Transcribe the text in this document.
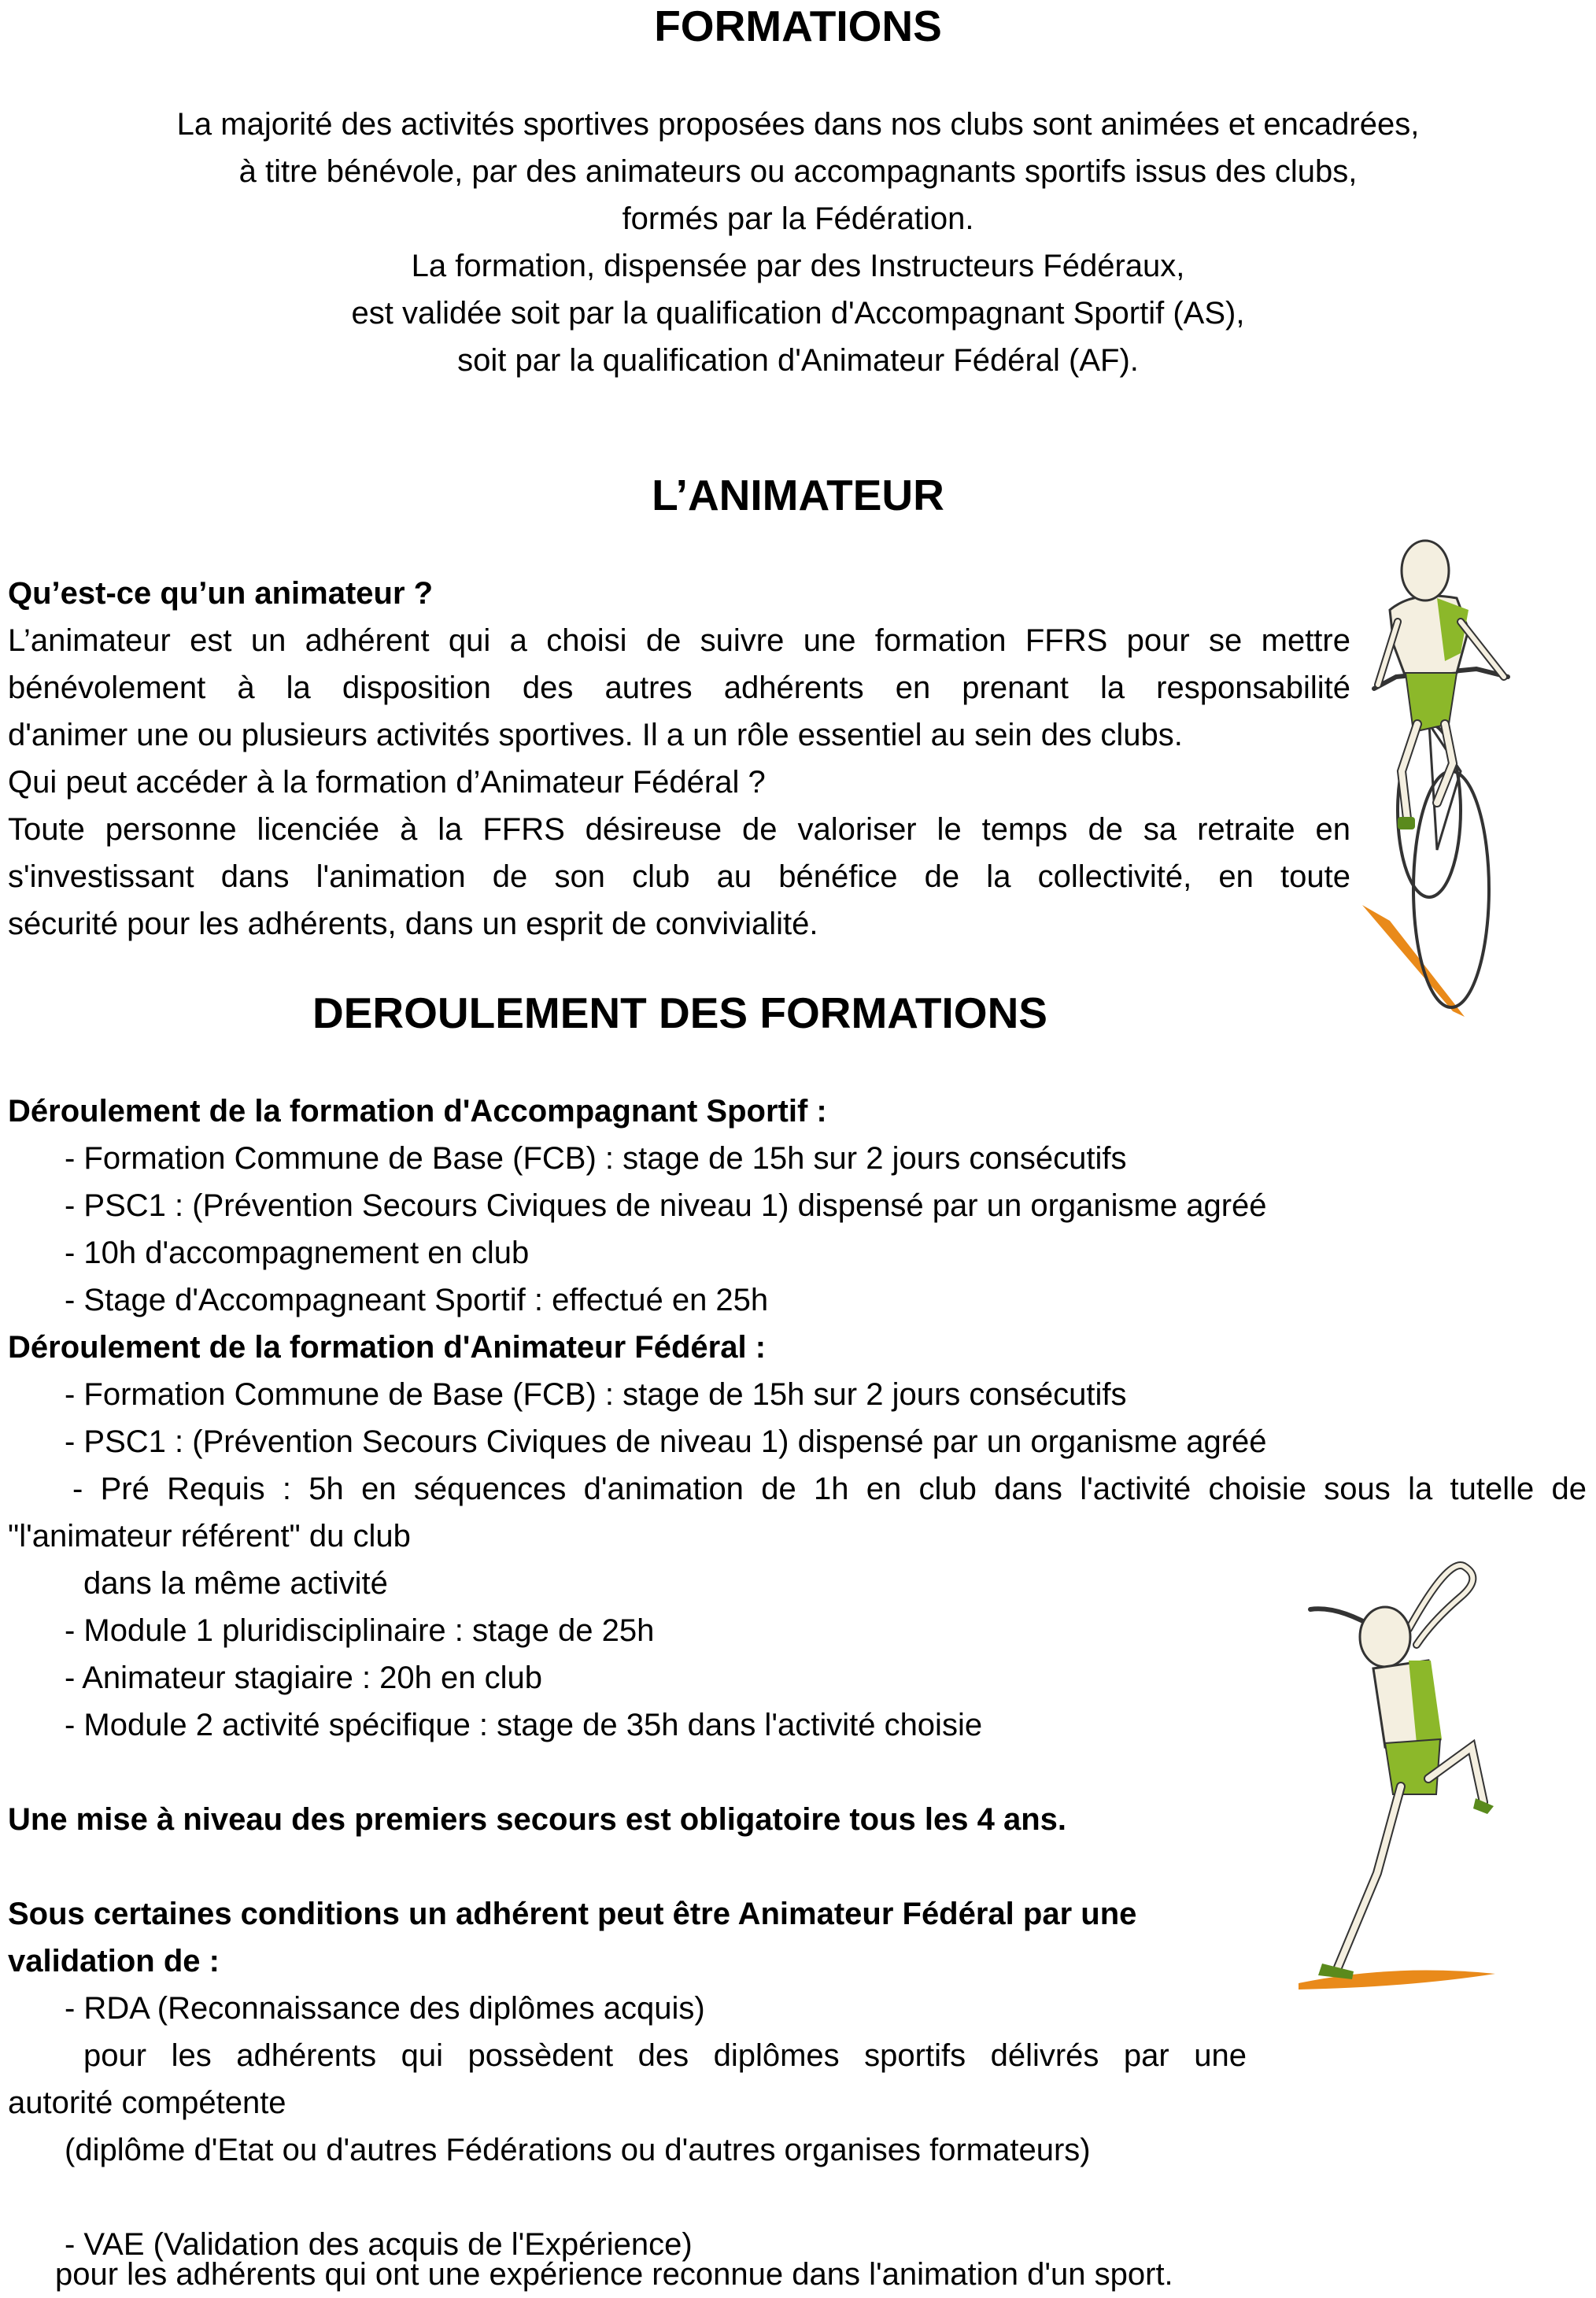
FORMATIONS
La majorité des activités sportives proposées dans nos clubs sont animées et encadrées,
à titre bénévole, par des animateurs ou accompagnants sportifs issus des clubs,
formés par la Fédération.
La formation, dispensée par des Instructeurs Fédéraux,
est validée soit par la qualification d'Accompagnant Sportif (AS),
soit par la qualification d'Animateur Fédéral (AF).
L’ANIMATEUR
Qu’est-ce qu’un animateur ?
L’animateur est un adhérent qui a choisi de suivre une formation FFRS pour se mettre
bénévolement à la disposition des autres adhérents en prenant la responsabilité
d'animer une ou plusieurs activités sportives. Il a un rôle essentiel au sein des clubs.
Qui peut accéder à la formation d’Animateur Fédéral ?
Toute personne licenciée à la FFRS désireuse de valoriser le temps de sa retraite en
s'investissant dans l'animation de son club au bénéfice de la collectivité, en toute
sécurité pour les adhérents, dans un esprit de convivialité.
DEROULEMENT DES FORMATIONS
Déroulement de la formation d'Accompagnant Sportif :
- Formation Commune de Base (FCB) : stage de 15h sur 2 jours consécutifs
- PSC1 : (Prévention Secours Civiques de niveau 1) dispensé par un organisme agréé
- 10h d'accompagnement en club
- Stage d'Accompagneant Sportif : effectué en 25h
Déroulement de la formation d'Animateur Fédéral :
- Formation Commune de Base (FCB) : stage de 15h sur 2 jours consécutifs
- PSC1 : (Prévention Secours Civiques de niveau 1) dispensé par un organisme agréé
- Pré Requis : 5h en séquences d'animation de 1h en club dans l'activité choisie sous la tutelle de
"l'animateur référent" du club
dans la même activité
- Module 1 pluridisciplinaire : stage de 25h
- Animateur stagiaire : 20h en club
- Module 2 activité spécifique : stage de 35h dans l'activité choisie
Une mise à niveau des premiers secours est obligatoire tous les 4 ans.
Sous certaines conditions un adhérent peut être Animateur Fédéral par une
validation de :
- RDA (Reconnaissance des diplômes acquis)
pour les adhérents qui possèdent des diplômes sportifs délivrés par une
autorité compétente
(diplôme d'Etat ou d'autres Fédérations ou d'autres organises formateurs)
- VAE (Validation des acquis de l'Expérience)
pour les adhérents qui ont une expérience reconnue dans l'animation d'un sport.
